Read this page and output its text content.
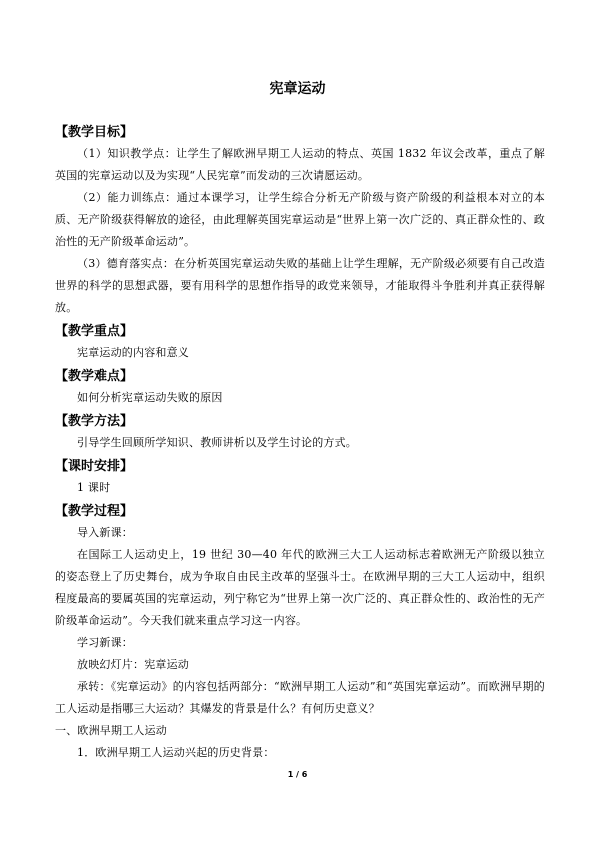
宪章运动
【教学目标】

（1）知识教学点：让学生了解欧洲早期工人运动的特点、英国 1832 年议会改革，重点了解英国的宪章运动以及为实现“人民宪章”而发动的三次请愿运动。

（2）能力训练点：通过本课学习，让学生综合分析无产阶级与资产阶级的利益根本对立的本质、无产阶级获得解放的途径，由此理解英国宪章运动是“世界上第一次广泛的、真正群众性的、政治性的无产阶级革命运动”。

（3）德育落实点：在分析英国宪章运动失败的基础上让学生理解，无产阶级必须要有自己改造世界的科学的思想武器，要有用科学的思想作指导的政党来领导，才能取得斗争胜利并真正获得解放。

【教学重点】

宪章运动的内容和意义

【教学难点】

如何分析宪章运动失败的原因

【教学方法】

引导学生回顾所学知识、教师讲析以及学生讨论的方式。

【课时安排】

1 课时

【教学过程】

导入新课：

在国际工人运动史上，19 世纪 30—40 年代的欧洲三大工人运动标志着欧洲无产阶级以独立的姿态登上了历史舞台，成为争取自由民主改革的坚强斗士。在欧洲早期的三大工人运动中，组织程度最高的要属英国的宪章运动，列宁称它为“世界上第一次广泛的、真正群众性的、政治性的无产阶级革命运动”。今天我们就来重点学习这一内容。

学习新课：

放映幻灯片：宪章运动

承转：《宪章运动》的内容包括两部分：“欧洲早期工人运动”和“英国宪章运动”。而欧洲早期的工人运动是指哪三大运动？其爆发的背景是什么？有何历史意义？

一、欧洲早期工人运动

1．欧洲早期工人运动兴起的历史背景：

1 / 6
